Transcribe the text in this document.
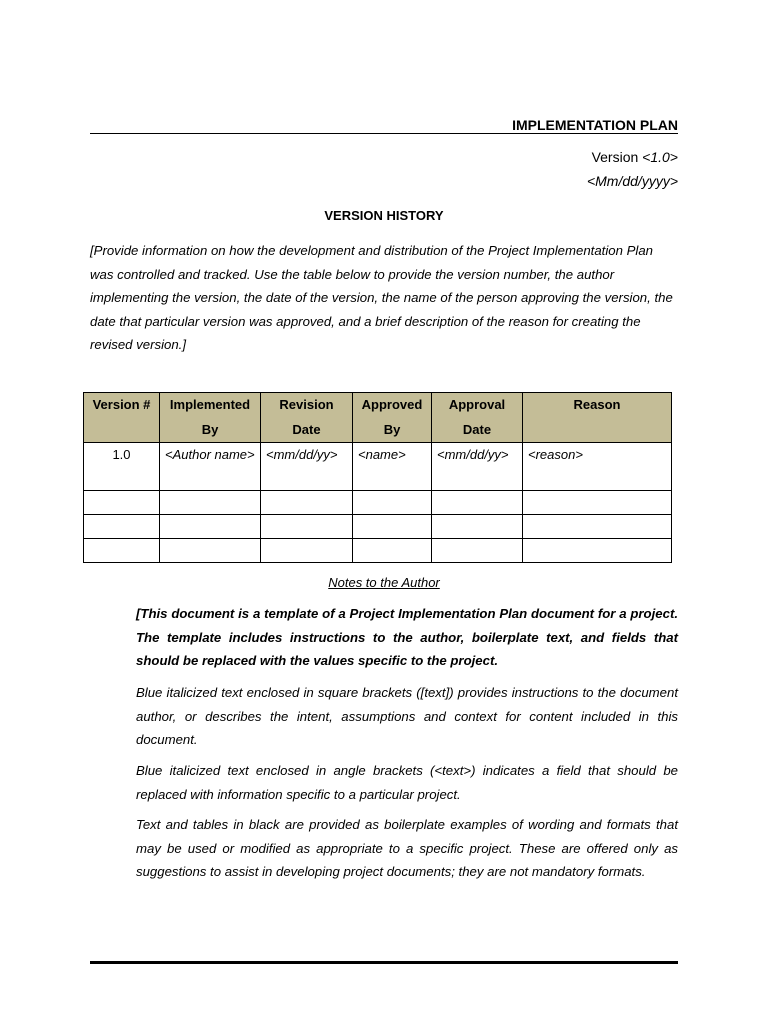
IMPLEMENTATION PLAN
Version <1.0>
<Mm/dd/yyyy>
VERSION HISTORY
[Provide information on how the development and distribution of the Project Implementation Plan was controlled and tracked. Use the table below to provide the version number, the author implementing the version, the date of the version, the name of the person approving the version, the date that particular version was approved, and a brief description of the reason for creating the revised version.]
Version #	Implemented By	Revision Date	Approved By	Approval Date	Reason
1.0	<Author name>	<mm/dd/yy>	<name>	<mm/dd/yy>	<reason>

Notes to the Author
[This document is a template of a Project Implementation Plan document for a project. The template includes instructions to the author, boilerplate text, and fields that should be replaced with the values specific to the project.
Blue italicized text enclosed in square brackets ([text]) provides instructions to the document author, or describes the intent, assumptions and context for content included in this document.
Blue italicized text enclosed in angle brackets (<text>) indicates a field that should be replaced with information specific to a particular project.
Text and tables in black are provided as boilerplate examples of wording and formats that may be used or modified as appropriate to a specific project. These are offered only as suggestions to assist in developing project documents; they are not mandatory formats.
